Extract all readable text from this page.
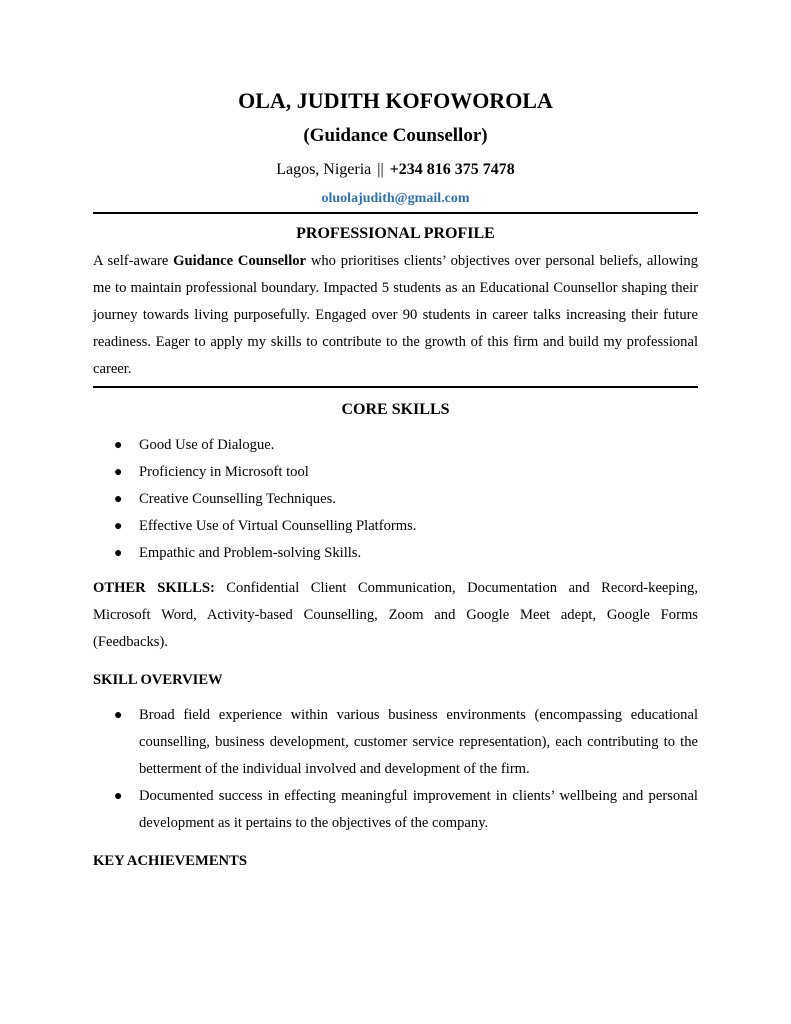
OLA, JUDITH KOFOWOROLA
(Guidance Counsellor)
Lagos, Nigeria || +234 816 375 7478
oluolajudith@gmail.com
PROFESSIONAL PROFILE

A self-aware Guidance Counsellor who prioritises clients’ objectives over personal beliefs, allowing me to maintain professional boundary. Impacted 5 students as an Educational Counsellor shaping their journey towards living purposefully. Engaged over 90 students in career talks increasing their future readiness. Eager to apply my skills to contribute to the growth of this firm and build my professional career.

CORE SKILLS
● Good Use of Dialogue.
● Proficiency in Microsoft tool
● Creative Counselling Techniques.
● Effective Use of Virtual Counselling Platforms.
● Empathic and Problem-solving Skills.

OTHER SKILLS: Confidential Client Communication, Documentation and Record-keeping, Microsoft Word, Activity-based Counselling, Zoom and Google Meet adept, Google Forms (Feedbacks).

SKILL OVERVIEW
● Broad field experience within various business environments (encompassing educational counselling, business development, customer service representation), each contributing to the betterment of the individual involved and development of the firm.
● Documented success in effecting meaningful improvement in clients’ wellbeing and personal development as it pertains to the objectives of the company.
KEY ACHIEVEMENTS
